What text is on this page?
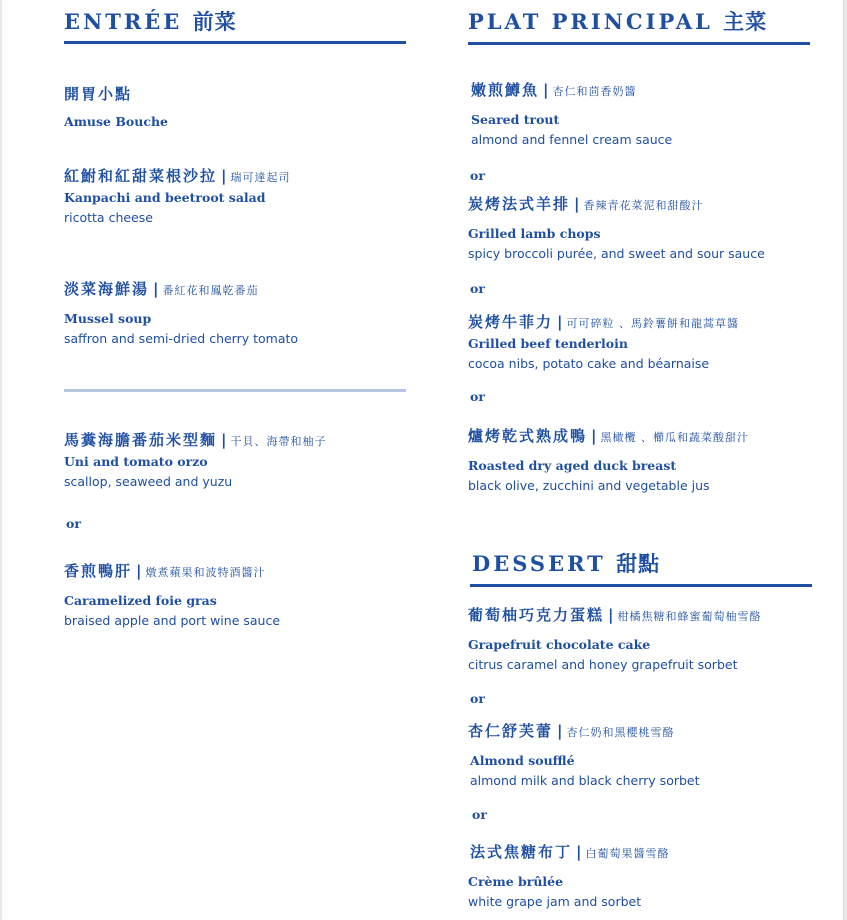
ENTRÉE 前菜
開胃小點
Amuse Bouche
紅鮒和紅甜菜根沙拉 | 瑞可達起司
Kanpachi and beetroot salad
ricotta cheese
淡菜海鮮湯 | 番紅花和鳳乾番茄
Mussel soup
saffron and semi-dried cherry tomato
馬糞海膽番茄米型麵 | 干貝、海帶和柚子
Uni and tomato orzo
scallop, seaweed and yuzu
or
香煎鴨肝 | 燉煮蘋果和波特酒醬汁
Caramelized foie gras
braised apple and port wine sauce
PLAT PRINCIPAL 主菜
嫩煎鱒魚 | 杏仁和茴香奶醬
Seared trout
almond and fennel cream sauce
or
炭烤法式羊排 | 香辣青花菜泥和甜酸汁
Grilled lamb chops
spicy broccoli purée, and sweet and sour sauce
or
炭烤牛菲力 | 可可碎粒 、馬鈴薯餅和龍蒿草醬
Grilled beef tenderloin
cocoa nibs, potato cake and béarnaise
or
爐烤乾式熟成鴨 | 黑橄欖 、櫛瓜和蔬菜酸甜汁
Roasted dry aged duck breast
black olive, zucchini and vegetable jus
DESSERT 甜點
葡萄柚巧克力蛋糕 | 柑橘焦糖和蜂蜜葡萄柚雪酪
Grapefruit chocolate cake
citrus caramel and honey grapefruit sorbet
or
杏仁舒芙蕾 | 杏仁奶和黑櫻桃雪酪
Almond soufflé
almond milk and black cherry sorbet
or
法式焦糖布丁 | 白葡萄果醬雪酪
Crème brûlée
white grape jam and sorbet
